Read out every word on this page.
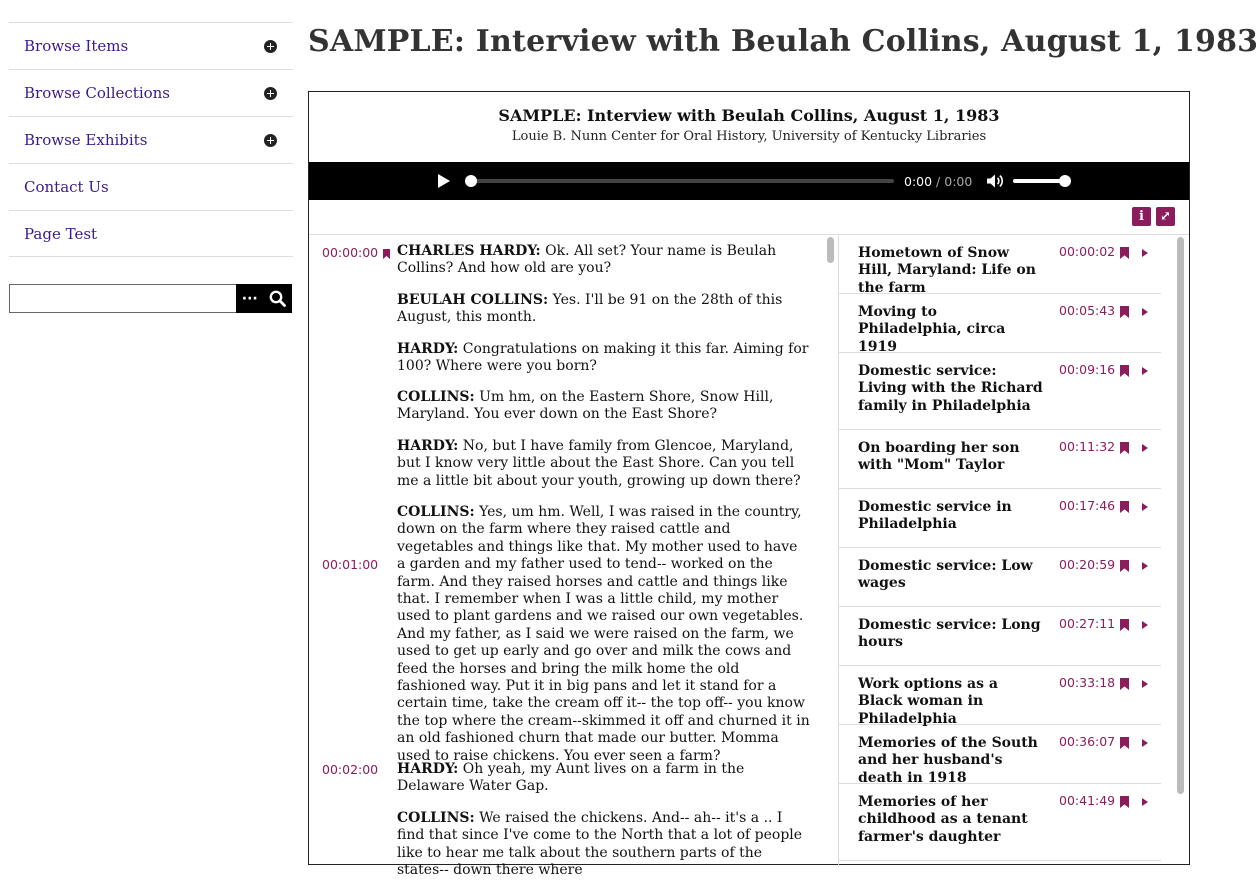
Browse Items
Browse Collections
Browse Exhibits
Contact Us
Page Test
···
SAMPLE: Interview with Beulah Collins, August 1, 1983
SAMPLE: Interview with Beulah Collins, August 1, 1983
Louie B. Nunn Center for Oral History, University of Kentucky Libraries
0:00 / 0:00
i	⤢
00:00:00 CHARLES HARDY: Ok. All set? Your name is Beulah Collins? And how old are you?

BEULAH COLLINS: Yes. I'll be 91 on the 28th of this August, this month.

HARDY: Congratulations on making it this far. Aiming for 100? Where were you born?

COLLINS: Um hm, on the Eastern Shore, Snow Hill, Maryland. You ever down on the East Shore?

HARDY: No, but I have family from Glencoe, Maryland, but I know very little about the East Shore. Can you tell me a little bit about your youth, growing up down there?

00:01:00

COLLINS: Yes, um hm. Well, I was raised in the country, down on the farm where they raised cattle and vegetables and things like that. My mother used to have a garden and my father used to tend-- worked on the farm. And they raised horses and cattle and things like that. I remember when I was a little child, my mother used to plant gardens and we raised our own vegetables. And my father, as I said we were raised on the farm, we used to get up early and go over and milk the cows and feed the horses and bring the milk home the old fashioned way. Put it in big pans and let it stand for a certain time, take the cream off it-- the top off-- you know the top where the cream--skimmed it off and churned it in an old fashioned churn that made our butter. Momma used to raise chickens. You ever seen a farm?

00:02:00 HARDY: Oh yeah, my Aunt lives on a farm in the Delaware Water Gap.

COLLINS: We raised the chickens. And-- ah-- it's a .. I find that since I've come to the North that a lot of people like to hear me talk about the southern parts of the states-- down there where

Hometown of Snow Hill, Maryland: Life on the farm
00:00:02
Moving to Philadelphia, circa 1919
00:05:43
Domestic service: Living with the Richard family in Philadelphia
00:09:16
On boarding her son with "Mom" Taylor
00:11:32
Domestic service in Philadelphia
00:17:46
Domestic service: Low wages
00:20:59
Domestic service: Long hours
00:27:11
Work options as a Black woman in Philadelphia
00:33:18
Memories of the South and her husband's death in 1918
00:36:07
Memories of her childhood as a tenant farmer's daughter
00:41:49
